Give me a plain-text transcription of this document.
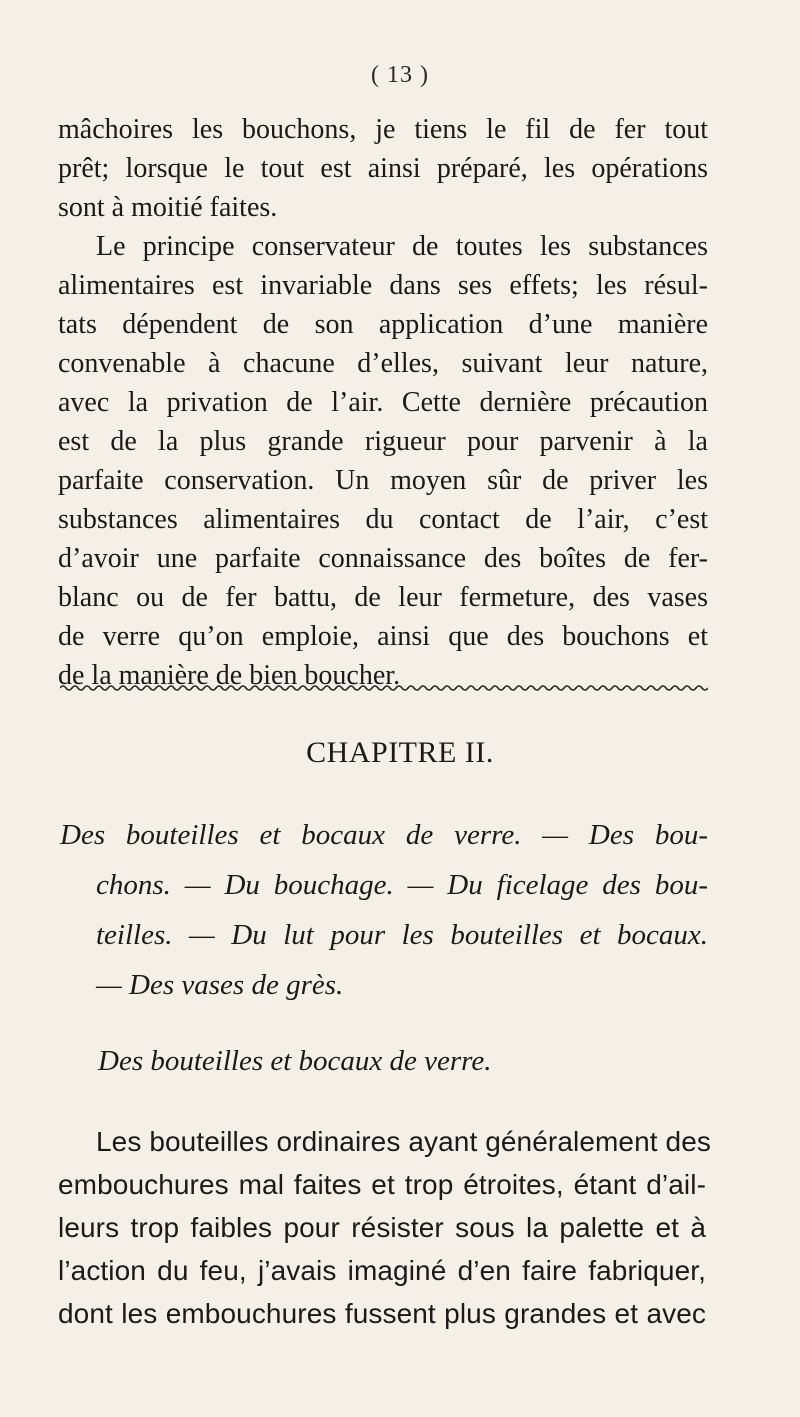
( 13 )
mâchoires les bouchons, je tiens le fil de fer tout
prêt; lorsque le tout est ainsi préparé, les opérations
sont à moitié faites.
Le principe conservateur de toutes les substances
alimentaires est invariable dans ses effets; les résul-
tats dépendent de son application d’une manière
convenable à chacune d’elles, suivant leur nature,
avec la privation de l’air. Cette dernière précaution
est de la plus grande rigueur pour parvenir à la
parfaite conservation. Un moyen sûr de priver les
substances alimentaires du contact de l’air, c’est
d’avoir une parfaite connaissance des boîtes de fer-
blanc ou de fer battu, de leur fermeture, des vases
de verre qu’on emploie, ainsi que des bouchons et
de la manière de bien boucher.
CHAPITRE II.
Des bouteilles et bocaux de verre. — Des bou-
chons. — Du bouchage. — Du ficelage des bou-
teilles. — Du lut pour les bouteilles et bocaux.
— Des vases de grès.
Des bouteilles et bocaux de verre.
Les bouteilles ordinaires ayant généralement des
embouchures mal faites et trop étroites, étant d’ail-
leurs trop faibles pour résister sous la palette et à
l’action du feu, j’avais imaginé d’en faire fabriquer,
dont les embouchures fussent plus grandes et avec
